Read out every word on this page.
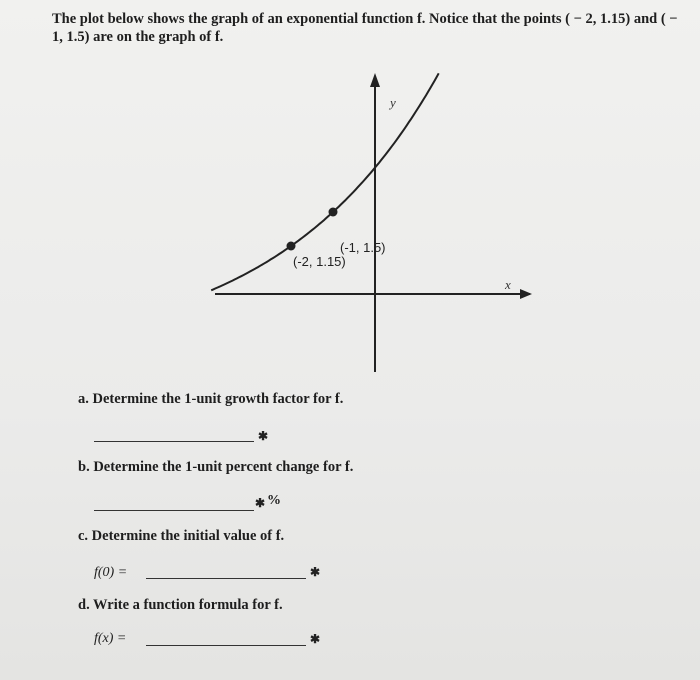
The plot below shows the graph of an exponential function f. Notice that the points ( − 2, 1.15) and ( − 1, 1.5) are on the graph of f.
y
x
(-2, 1.15)
(-1, 1.5)
a. Determine the 1-unit growth factor for f.
✱
b. Determine the 1-unit percent change for f.
✱ %
c. Determine the initial value of f.
f(0) =	✱
d. Write a function formula for f.
f(x) =	✱
